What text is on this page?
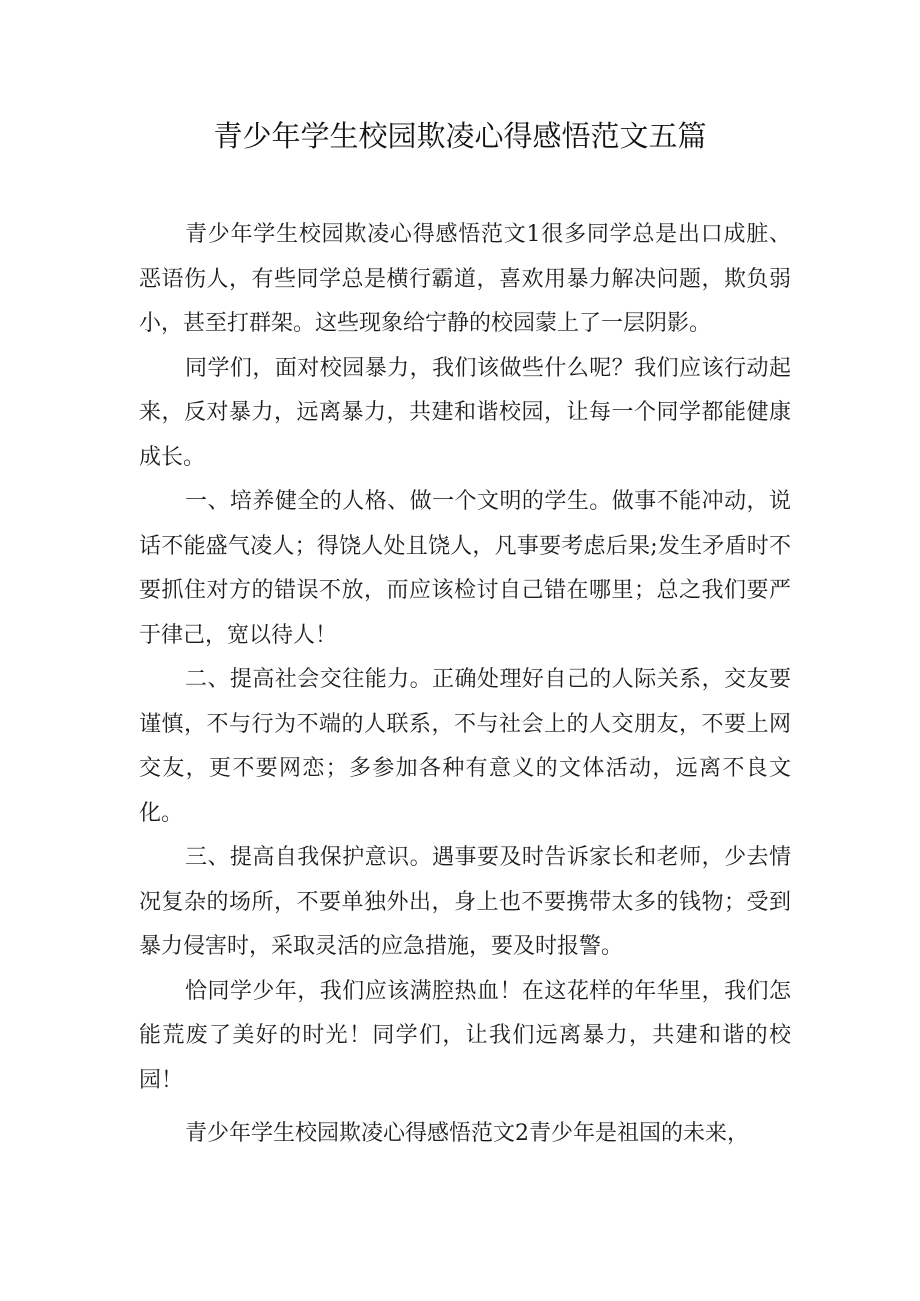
青少年学生校园欺凌心得感悟范文五篇

青少年学生校园欺凌心得感悟范文1很多同学总是出口成脏、恶语伤人，有些同学总是横行霸道，喜欢用暴力解决问题，欺负弱小，甚至打群架。这些现象给宁静的校园蒙上了一层阴影。

同学们，面对校园暴力，我们该做些什么呢？我们应该行动起来，反对暴力，远离暴力，共建和谐校园，让每一个同学都能健康成长。

一、培养健全的人格、做一个文明的学生。做事不能冲动，说话不能盛气凌人；得饶人处且饶人，凡事要考虑后果;发生矛盾时不要抓住对方的错误不放，而应该检讨自己错在哪里；总之我们要严于律己，宽以待人！

二、提高社会交往能力。正确处理好自己的人际关系，交友要谨慎，不与行为不端的人联系，不与社会上的人交朋友，不要上网交友，更不要网恋；多参加各种有意义的文体活动，远离不良文化。

三、提高自我保护意识。遇事要及时告诉家长和老师，少去情况复杂的场所，不要单独外出，身上也不要携带太多的钱物；受到暴力侵害时，采取灵活的应急措施，要及时报警。

恰同学少年，我们应该满腔热血！在这花样的年华里，我们怎能荒废了美好的时光！同学们，让我们远离暴力，共建和谐的校园！

青少年学生校园欺凌心得感悟范文2青少年是祖国的未来，
